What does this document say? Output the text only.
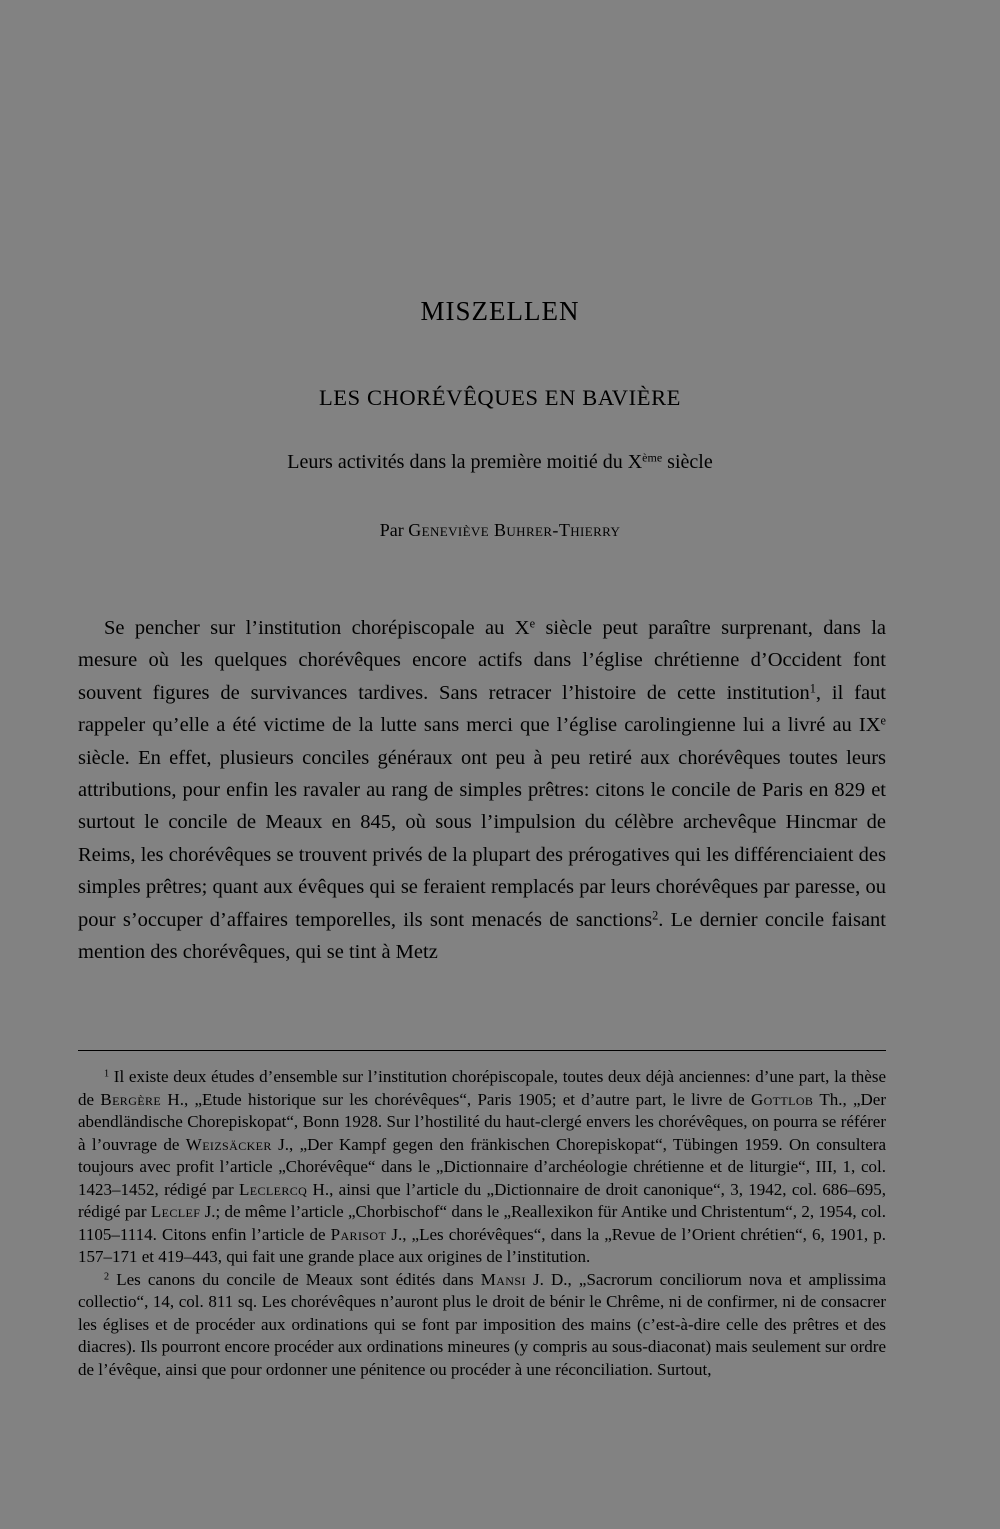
MISZELLEN
LES CHORÉVÊQUES EN BAVIÈRE
Leurs activités dans la première moitié du Xème siècle
Par Geneviève Buhrer-Thierry

Se pencher sur l’institution chorépiscopale au Xe siècle peut paraître surprenant, dans la mesure où les quelques chorévêques encore actifs dans l’église chrétienne d’Occident font souvent figures de survivances tardives. Sans retracer l’histoire de cette institution$^1$, il faut rappeler qu’elle a été victime de la lutte sans merci que l’église carolingienne lui a livré au IXe siècle. En effet, plusieurs conciles généraux ont peu à peu retiré aux chorévêques toutes leurs attributions, pour enfin les ravaler au rang de simples prêtres: citons le concile de Paris en 829 et surtout le concile de Meaux en 845, où sous l’impulsion du célèbre archevêque Hincmar de Reims, les chorévêques se trouvent privés de la plupart des prérogatives qui les différenciaient des simples prêtres; quant aux évêques qui se feraient remplacés par leurs chorévêques par paresse, ou pour s’occuper d’affaires temporelles, ils sont menacés de sanctions$^2$. Le dernier concile faisant mention des chorévêques, qui se tint à Metz

$^1$ Il existe deux études d’ensemble sur l’institution chorépiscopale, toutes deux déjà anciennes: d’une part, la thèse de Bergère H., „Etude historique sur les chorévêques“, Paris 1905; et d’autre part, le livre de Gottlob Th., „Der abendländische Chorepiskopat“, Bonn 1928. Sur l’hostilité du haut-clergé envers les chorévêques, on pourra se référer à l’ouvrage de Weizsäcker J., „Der Kampf gegen den fränkischen Chorepiskopat“, Tübingen 1959. On consultera toujours avec profit l’article „Chorévêque“ dans le „Dictionnaire d’archéologie chrétienne et de liturgie“, III, 1, col. 1423–1452, rédigé par Leclercq H., ainsi que l’article du „Dictionnaire de droit canonique“, 3, 1942, col. 686–695, rédigé par Leclef J.; de même l’article „Chorbischof“ dans le „Reallexikon für Antike und Christentum“, 2, 1954, col. 1105–1114. Citons enfin l’article de Parisot J., „Les chorévêques“, dans la „Revue de l’Orient chrétien“, 6, 1901, p. 157–171 et 419–443, qui fait une grande place aux origines de l’institution.

$^2$ Les canons du concile de Meaux sont édités dans Mansi J. D., „Sacrorum conciliorum nova et amplissima collectio“, 14, col. 811 sq. Les chorévêques n’auront plus le droit de bénir le Chrême, ni de confirmer, ni de consacrer les églises et de procéder aux ordinations qui se font par imposition des mains (c’est-à-dire celle des prêtres et des diacres). Ils pourront encore procéder aux ordinations mineures (y compris au sous-diaconat) mais seulement sur ordre de l’évêque, ainsi que pour ordonner une pénitence ou procéder à une réconciliation. Surtout,
